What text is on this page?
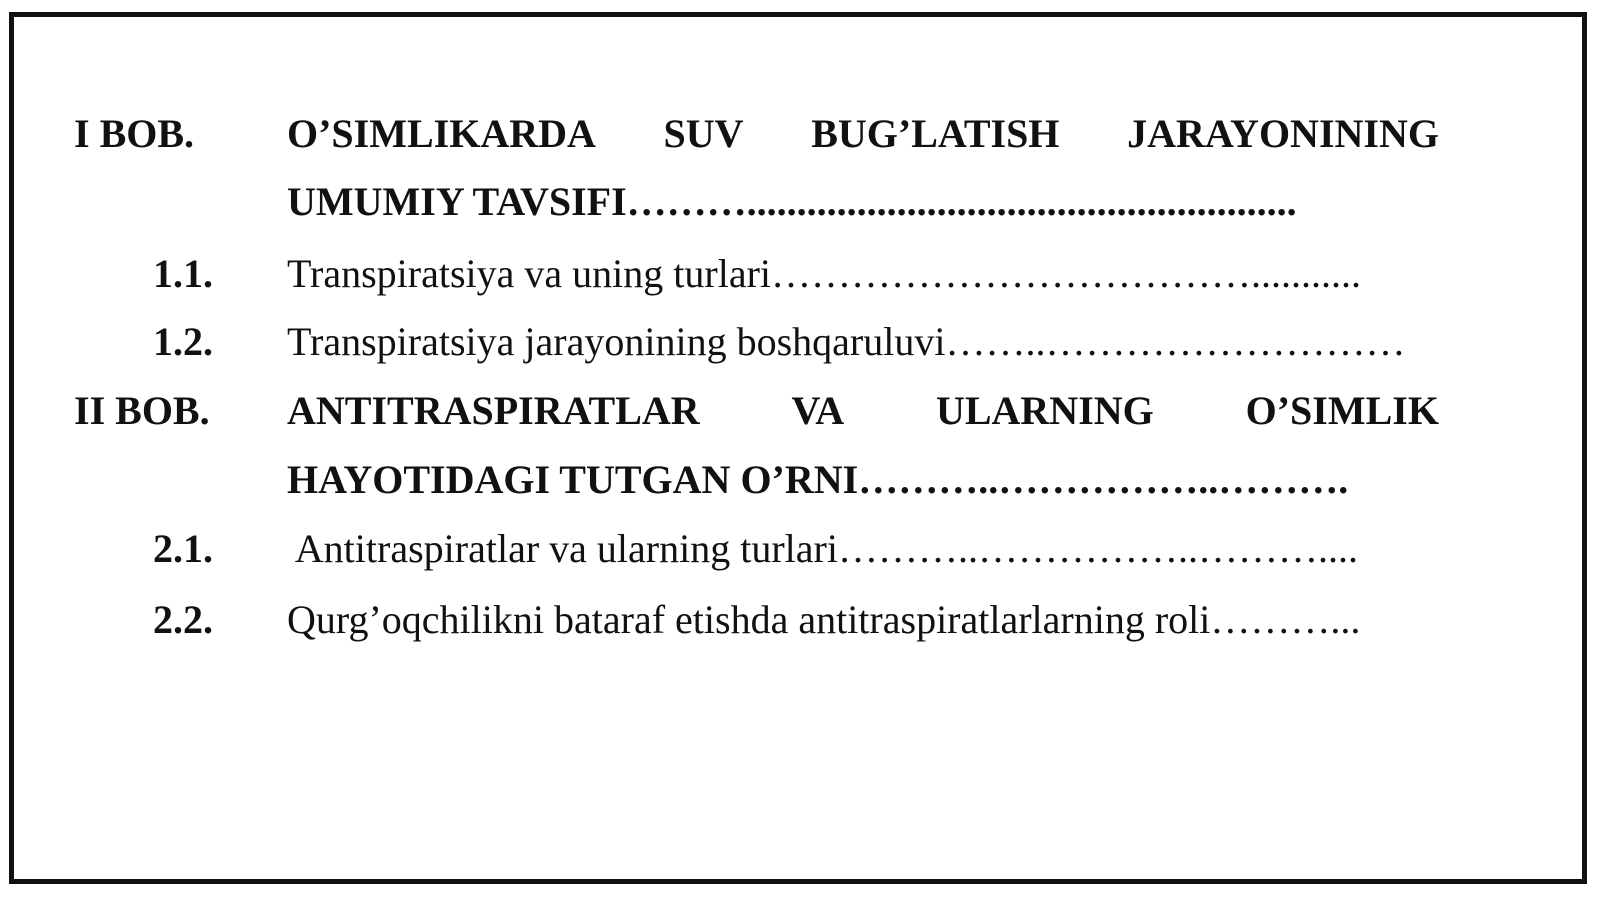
I BOB. O’SIMLIKARDA SUV BUG’LATISH JARAYONINING
UMUMIY TAVSIFI……….......................................................
1.1. Transpiratsiya va uning turlari………………………………...........
1.2. Transpiratsiya jarayonining boshqaruluvi……..………………………
II BOB. ANTITRASPIRATLAR VA ULARNING O’SIMLIK
HAYOTIDAGI TUTGAN O’RNI………..……………..……….
2.1. Antitraspiratlar va ularning turlari………..……………..………....
2.2. Qurg’oqchilikni bataraf etishda antitraspiratlarlarning roli………...
